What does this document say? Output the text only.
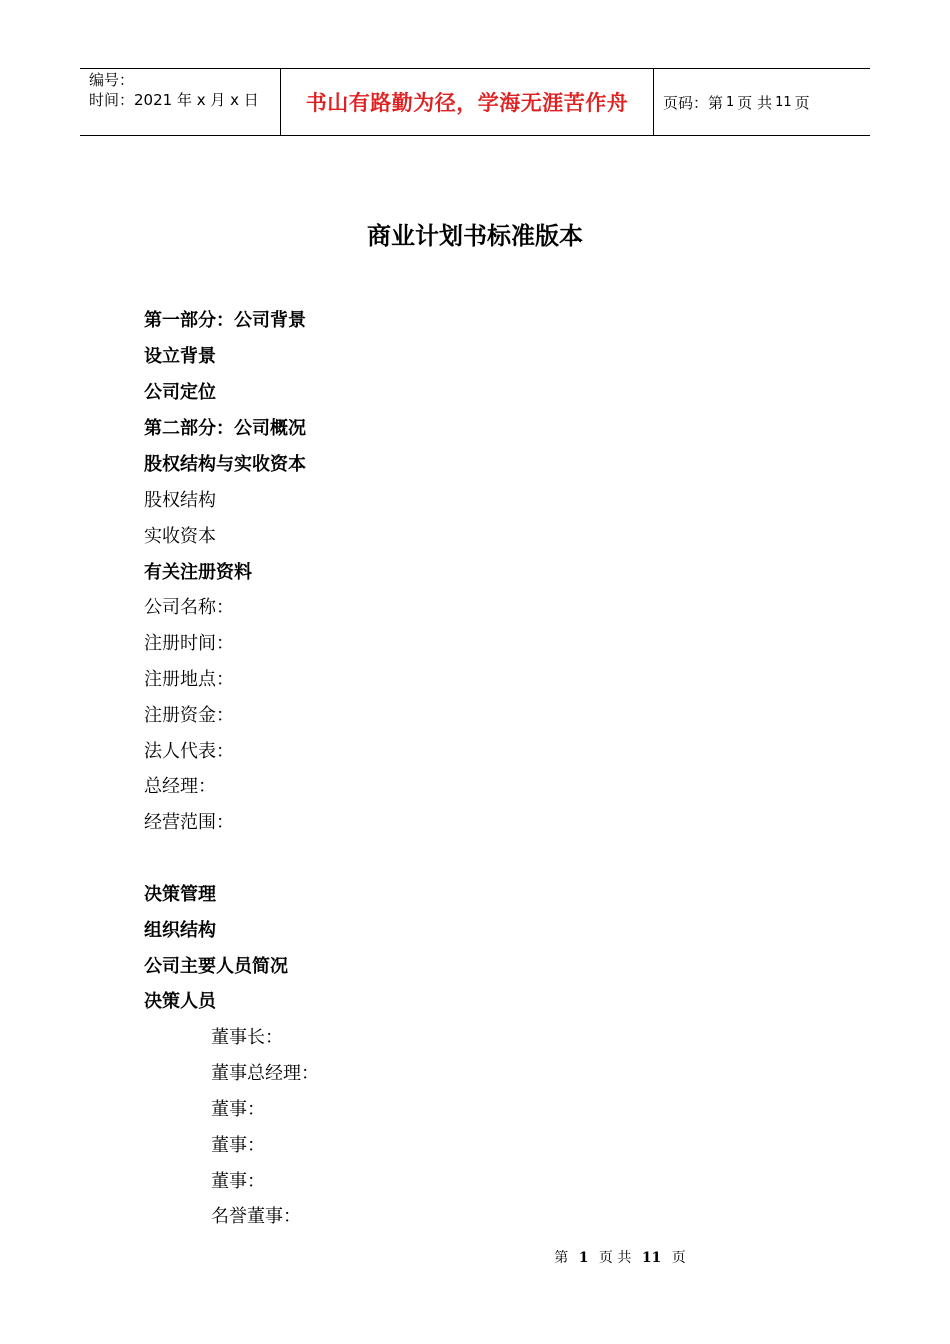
编号：
时间：2021 年 x 月 x 日	书山有路勤为径，学海无涯苦作舟	页码：第 1 页 共 11 页
商业计划书标准版本
第一部分：公司背景
设立背景
公司定位
第二部分：公司概况
股权结构与实收资本
股权结构
实收资本
有关注册资料
公司名称：
注册时间：
注册地点：
注册资金：
法人代表：
总经理：
经营范围：
决策管理
组织结构
公司主要人员简况
决策人员
董事长：
董事总经理：
董事：
董事：
董事：
名誉董事：
第 1 页 共 11 页
